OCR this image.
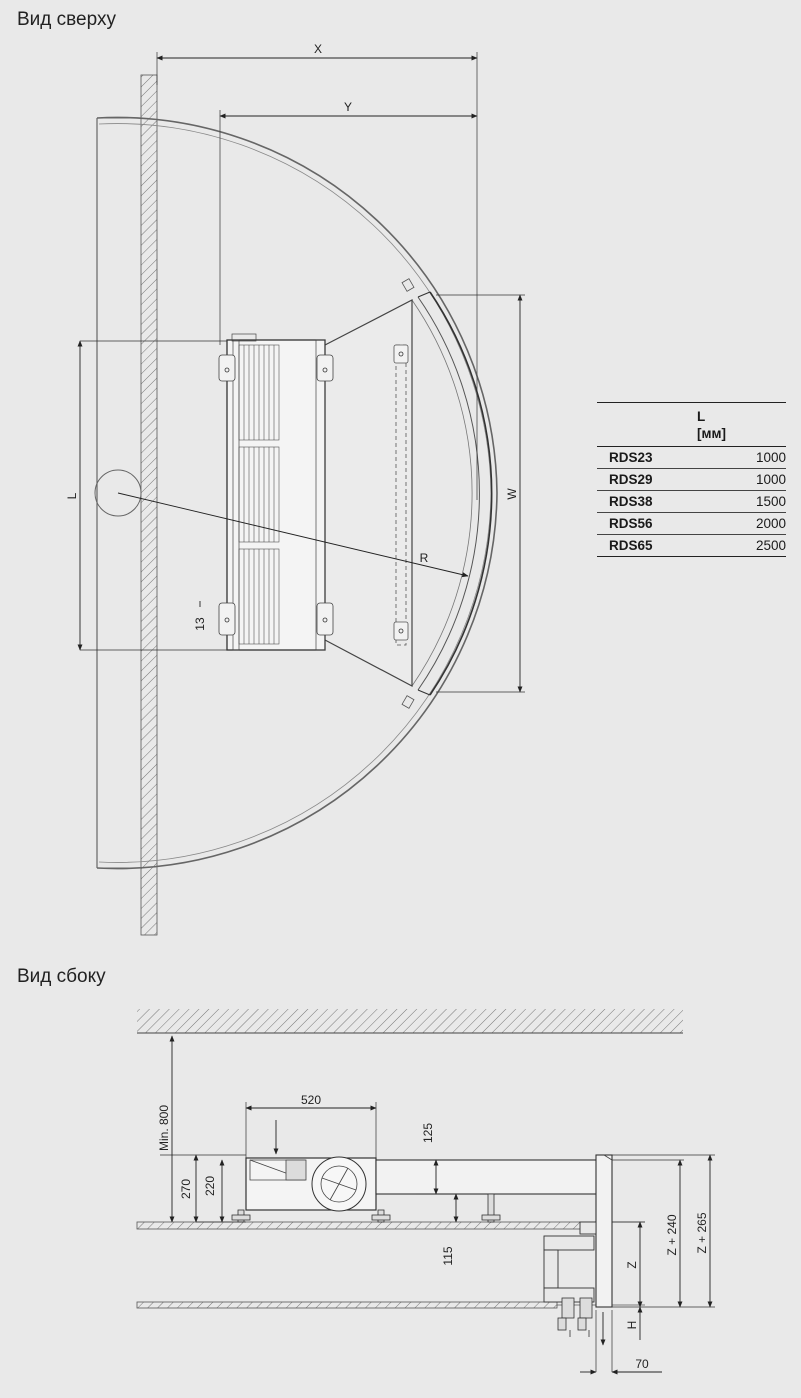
Вид сверху
Вид сбоку
X
Y
L	W
R
13
Min. 800
520
125
270 220
115	Z
Z + 240 Z + 265
H
70
L
[мм]	

RDS23	1000
RDS29	1000
RDS38	1500
RDS56	2000
RDS65	2500
